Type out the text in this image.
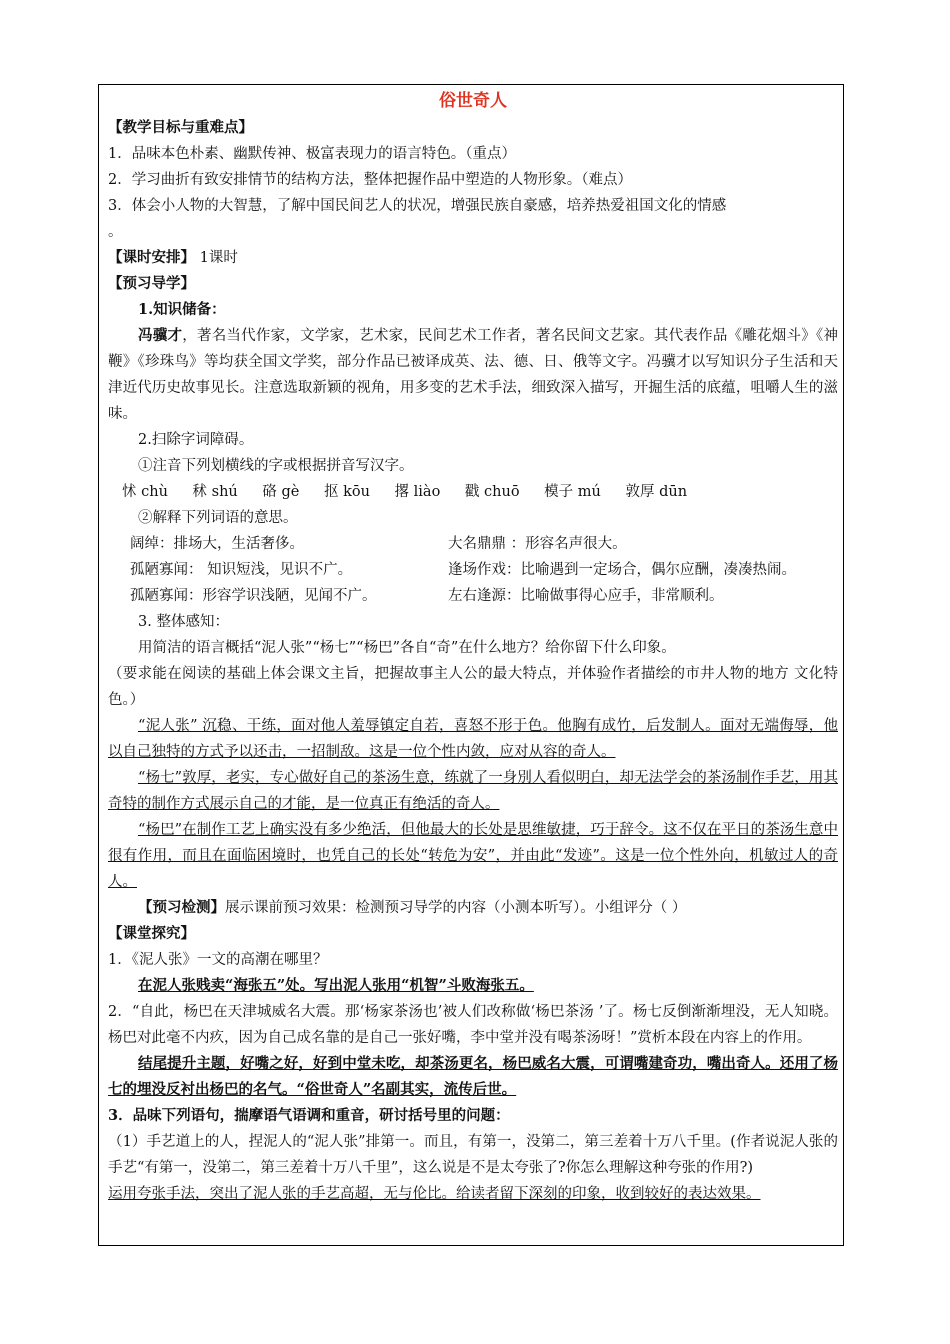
俗世奇人
【教学目标与重难点】
1．品味本色朴素、幽默传神、极富表现力的语言特色。（重点）
2．学习曲折有致安排情节的结构方法，整体把握作品中塑造的人物形象。（难点）
3．体会小人物的大智慧，了解中国民间艺人的状况，增强民族自豪感，培养热爱祖国文化的情感
。
【课时安排】 1课时
【预习导学】
1.知识储备：
冯骥才，著名当代作家，文学家，艺术家，民间艺术工作者，著名民间文艺家。其代表作品《雕花烟斗》《神鞭》《珍珠鸟》等均获全国文学奖，部分作品已被译成英、法、德、日、俄等文字。冯骥才以写知识分子生活和天津近代历史故事见长。注意选取新颖的视角，用多变的艺术手法，细致深入描写，开掘生活的底蕴，咀嚼人生的滋味。
2.扫除字词障碍。
①注音下列划横线的字或根据拼音写汉字。
怵 chù 秫 shú 硌 gè 抠 kōu 撂 liào 戳 chuō 模子 mú 敦厚 dūn
②解释下列词语的意思。
阔绰：排场大，生活奢侈。	大名鼎鼎 ：形容名声很大。
孤陋寡闻： 知识短浅，见识不广。	逢场作戏：比喻遇到一定场合，偶尔应酬，凑凑热闹。
孤陋寡闻：形容学识浅陋，见闻不广。	左右逢源：比喻做事得心应手，非常顺利。
3. 整体感知：
用简洁的语言概括“泥人张”“杨七”“杨巴”各自“奇”在什么地方？给你留下什么印象。
（要求能在阅读的基础上体会课文主旨，把握故事主人公的最大特点，并体验作者描绘的市井人物的地方 文化特色。）
“泥人张” 沉稳、干练，面对他人羞辱镇定自若，喜怒不形于色。他胸有成竹，后发制人。面对无端侮辱，他以自己独特的方式予以还击，一招制敌。这是一位个性内敛，应对从容的奇人。
“杨七”敦厚，老实，专心做好自己的茶汤生意，练就了一身別人看似明白，却无法学会的茶汤制作手艺，用其奇特的制作方式展示自己的才能，是一位真正有绝活的奇人。
“杨巴”在制作工艺上确实没有多少绝活，但他最大的长处是思维敏捷，巧于辞令。这不仅在平日的茶汤生意中很有作用，而且在面临困境时，也凭自己的长处“转危为安”，并由此“发迹”。这是一位个性外向，机敏过人的奇人。
【预习检测】展示课前预习效果：检测预习导学的内容（小测本听写）。小组评分（ ）
【课堂探究】
1．《泥人张》一文的高潮在哪里？
在泥人张贱卖“海张五”处。写出泥人张用“机智”斗败海张五。
2．“自此，杨巴在天津城威名大震。那‘杨家茶汤也’被人们改称做‘杨巴茶汤 ’了。杨七反倒渐渐埋没，无人知晓。杨巴对此毫不内疚，因为自己成名靠的是自己一张好嘴，李中堂并没有喝茶汤呀！”赏析本段在内容上的作用。
结尾提升主题，好嘴之好，好到中堂未吃，却茶汤更名，杨巴威名大震，可谓嘴建奇功，嘴出奇人。还用了杨七的埋没反衬出杨巴的名气。“俗世奇人”名副其实，流传后世。
3．品味下列语句，揣摩语气语调和重音，研讨括号里的问题：
（1）手艺道上的人，捏泥人的“泥人张”排第一。而且，有第一，没第二，第三差着十万八千里。(作者说泥人张的手艺“有第一，没第二，第三差着十万八千里”，这么说是不是太夸张了?你怎么理解这种夸张的作用?)
运用夸张手法，突出了泥人张的手艺高超，无与伦比。给读者留下深刻的印象，收到较好的表达效果。
